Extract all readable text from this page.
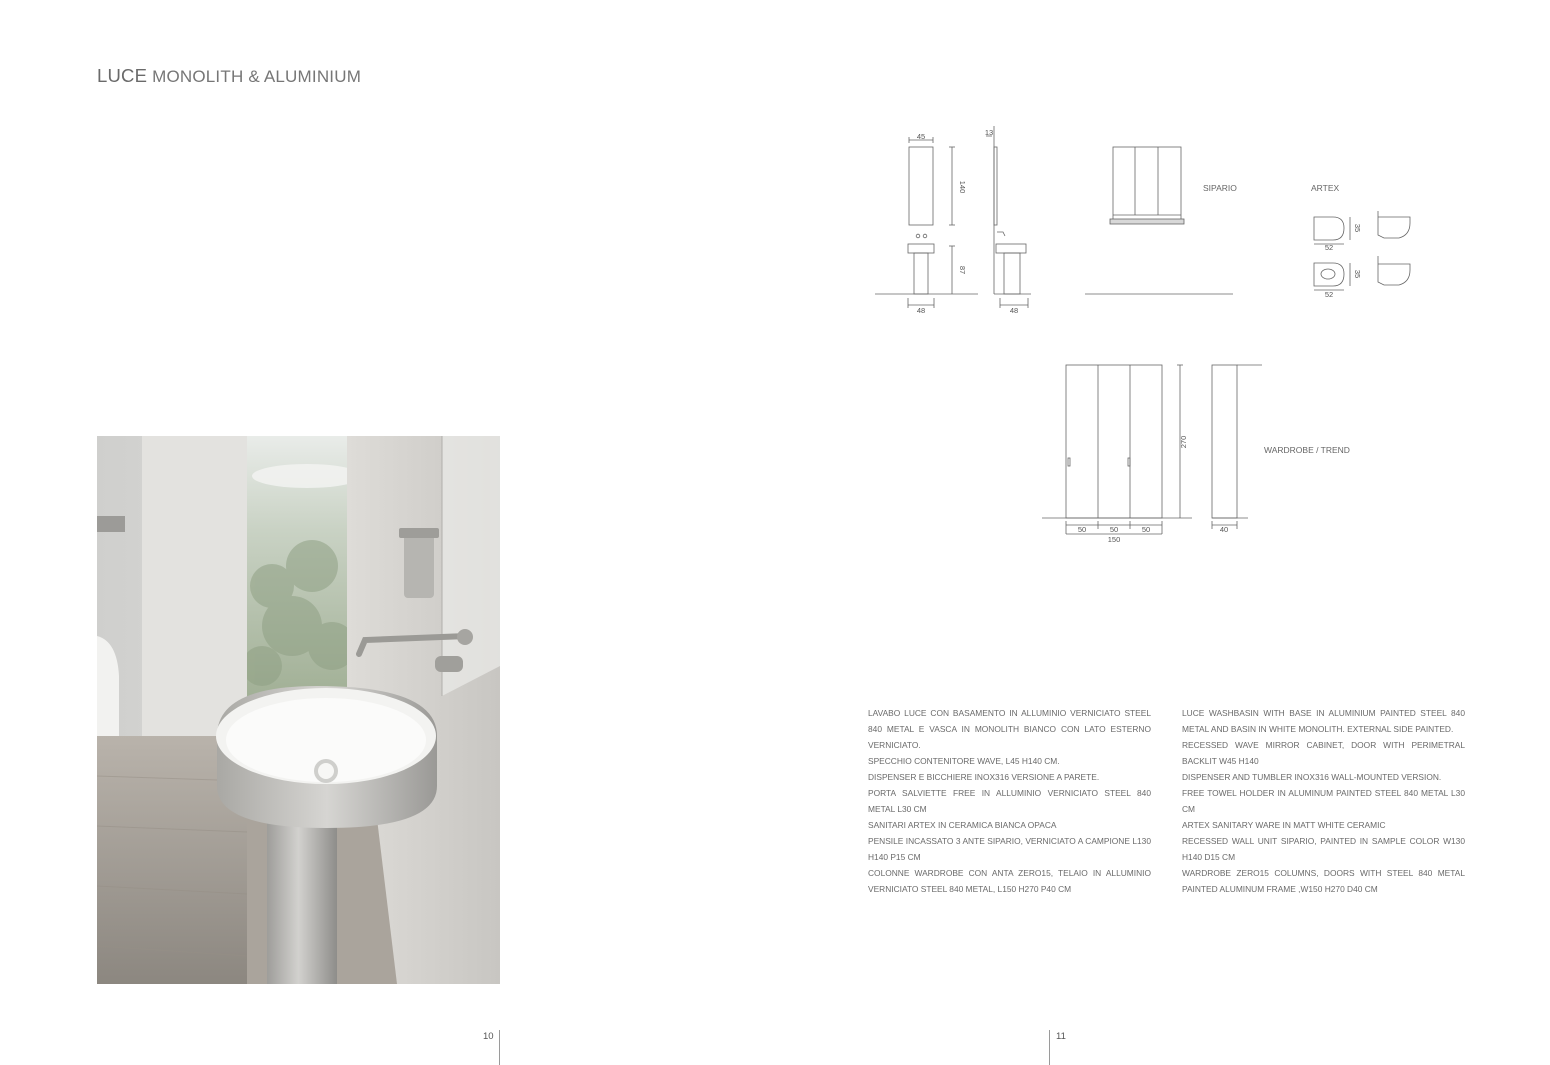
LUCE MONOLITH & ALUMINIUM
45	13
140
87
48	48
SIPARIO	ARTEX
35
52
35
52
270
50	50	50
150
40
WARDROBE / TREND

LAVABO LUCE CON BASAMENTO IN ALLUMINIO VERNICIATO STEEL 840 METAL E VASCA IN MONOLITH BIANCO CON LATO ESTERNO VERNICIATO.

SPECCHIO CONTENITORE WAVE, L45 H140 CM.

DISPENSER E BICCHIERE INOX316 VERSIONE A PARETE.

PORTA SALVIETTE FREE IN ALLUMINIO VERNICIATO STEEL 840 METAL L30 CM

SANITARI ARTEX IN CERAMICA BIANCA OPACA

PENSILE INCASSATO 3 ANTE SIPARIO, VERNICIATO A CAMPIONE L130 H140 P15 CM

COLONNE WARDROBE CON ANTA ZERO15, TELAIO IN ALLUMINIO VERNICIATO STEEL 840 METAL, L150 H270 P40 CM

LUCE WASHBASIN WITH BASE IN ALUMINIUM PAINTED STEEL 840 METAL AND BASIN IN WHITE MONOLITH. EXTERNAL SIDE PAINTED.

RECESSED WAVE MIRROR CABINET, DOOR WITH PERIMETRAL BACKLIT W45 H140

DISPENSER AND TUMBLER INOX316 WALL-MOUNTED VERSION.

FREE TOWEL HOLDER IN ALUMINUM PAINTED STEEL 840 METAL L30 CM

ARTEX SANITARY WARE IN MATT WHITE CERAMIC

RECESSED WALL UNIT SIPARIO, PAINTED IN SAMPLE COLOR W130 H140 D15 CM

WARDROBE ZERO15 COLUMNS, DOORS WITH STEEL 840 METAL PAINTED ALUMINUM FRAME ,W150 H270 D40 CM

10	11
